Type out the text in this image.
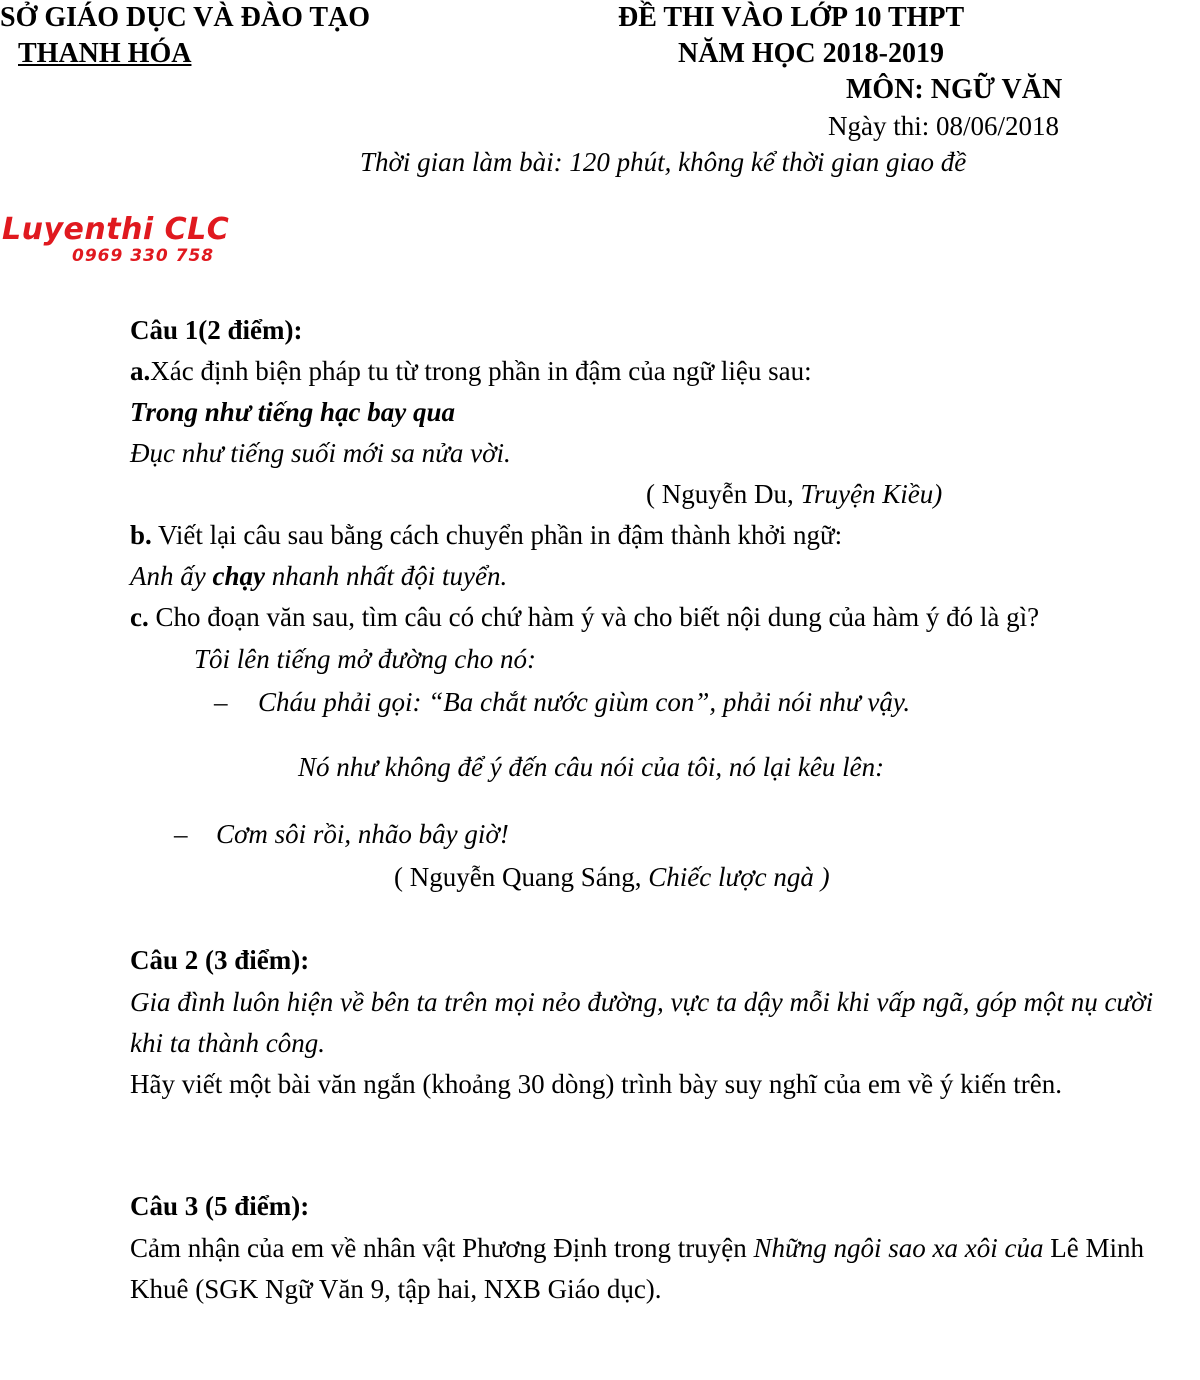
SỞ GIÁO DỤC VÀ ĐÀO TẠO
THANH HÓA
ĐỀ THI VÀO LỚP 10 THPT
NĂM HỌC 2018-2019
MÔN: NGỮ VĂN
Ngày thi: 08/06/2018
Thời gian làm bài: 120 phút, không kể thời gian giao đề
Luyenthi CLC
0969 330 758
Câu 1(2 điểm):
a.Xác định biện pháp tu từ trong phần in đậm của ngữ liệu sau:
Trong như tiếng hạc bay qua
Đục như tiếng suối mới sa nửa vời.
( Nguyễn Du, Truyện Kiều)
b. Viết lại câu sau bằng cách chuyển phần in đậm thành khởi ngữ:
Anh ấy chạy nhanh nhất đội tuyển.
c. Cho đoạn văn sau, tìm câu có chứ hàm ý và cho biết nội dung của hàm ý đó là gì?
Tôi lên tiếng mở đường cho nó:
– Cháu phải gọi: “Ba chắt nước giùm con”, phải nói như vậy.
Nó như không để ý đến câu nói của tôi, nó lại kêu lên:
– Cơm sôi rồi, nhão bây giờ!
( Nguyễn Quang Sáng, Chiếc lược ngà )
Câu 2 (3 điểm):
Gia đình luôn hiện về bên ta trên mọi nẻo đường, vực ta dậy mỗi khi vấp ngã, góp một nụ cười khi ta thành công.
Hãy viết một bài văn ngắn (khoảng 30 dòng) trình bày suy nghĩ của em về ý kiến trên.
Câu 3 (5 điểm):
Cảm nhận của em về nhân vật Phương Định trong truyện Những ngôi sao xa xôi của Lê Minh Khuê (SGK Ngữ Văn 9, tập hai, NXB Giáo dục).
